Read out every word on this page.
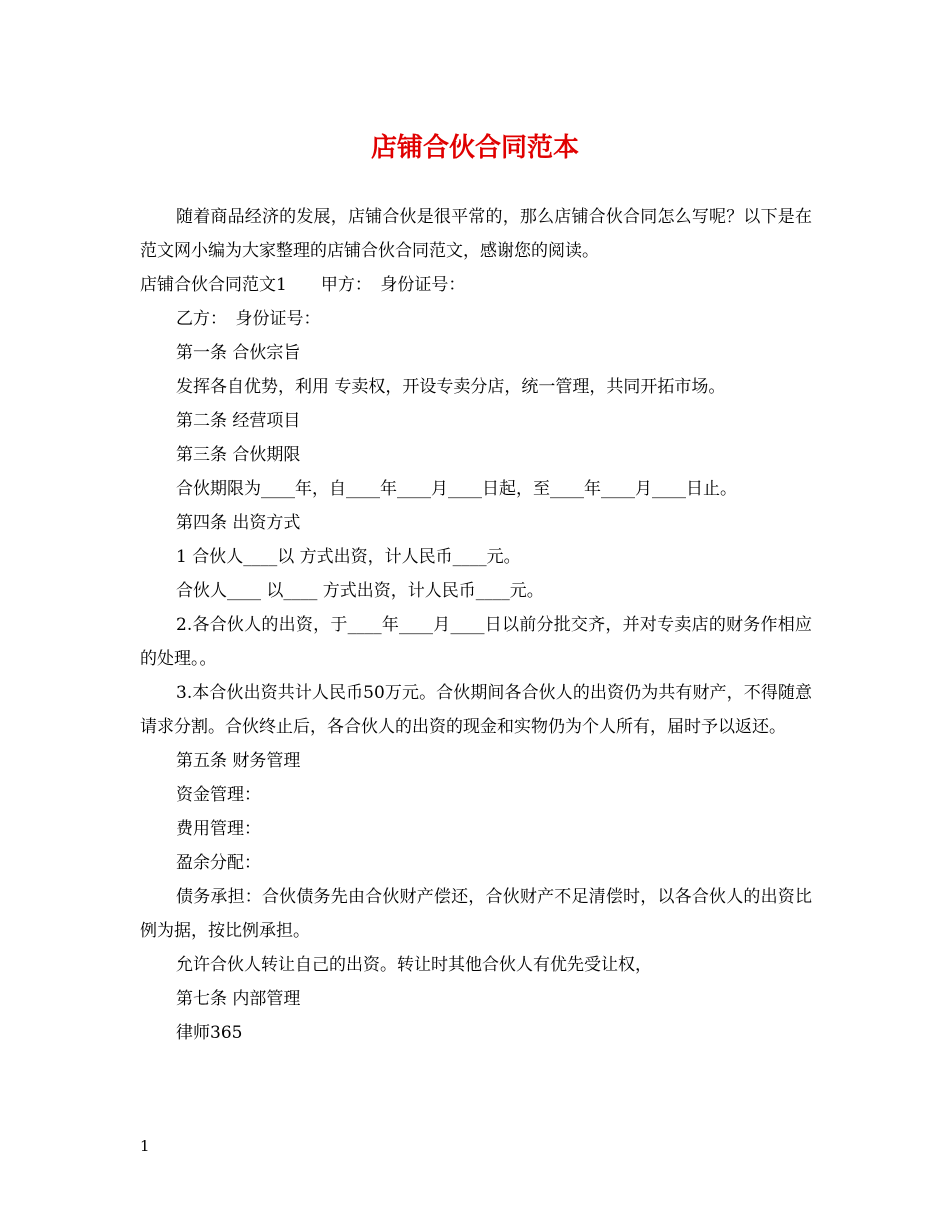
店铺合伙合同范本

随着商品经济的发展，店铺合伙是很平常的，那么店铺合伙合同怎么写呢？以下是在范文网小编为大家整理的店铺合伙合同范文，感谢您的阅读。

店铺合伙合同范文1　　甲方：　身份证号：

乙方：　身份证号：

第一条 合伙宗旨

发挥各自优势，利用 专卖权，开设专卖分店，统一管理，共同开拓市场。

第二条 经营项目

第三条 合伙期限

合伙期限为____年，自____年____月____日起，至____年____月____日止。

第四条 出资方式

1 合伙人____以 方式出资，计人民币____元。

合伙人____ 以____ 方式出资，计人民币____元。

2.各合伙人的出资，于____年____月____日以前分批交齐，并对专卖店的财务作相应的处理。。

3.本合伙出资共计人民币50万元。合伙期间各合伙人的出资仍为共有财产，不得随意请求分割。合伙终止后，各合伙人的出资的现金和实物仍为个人所有，届时予以返还。

第五条 财务管理

资金管理：

费用管理：

盈余分配：

债务承担：合伙债务先由合伙财产偿还，合伙财产不足清偿时，以各合伙人的出资比例为据，按比例承担。

允许合伙人转让自己的出资。转让时其他合伙人有优先受让权，

第七条 内部管理

律师365

1
